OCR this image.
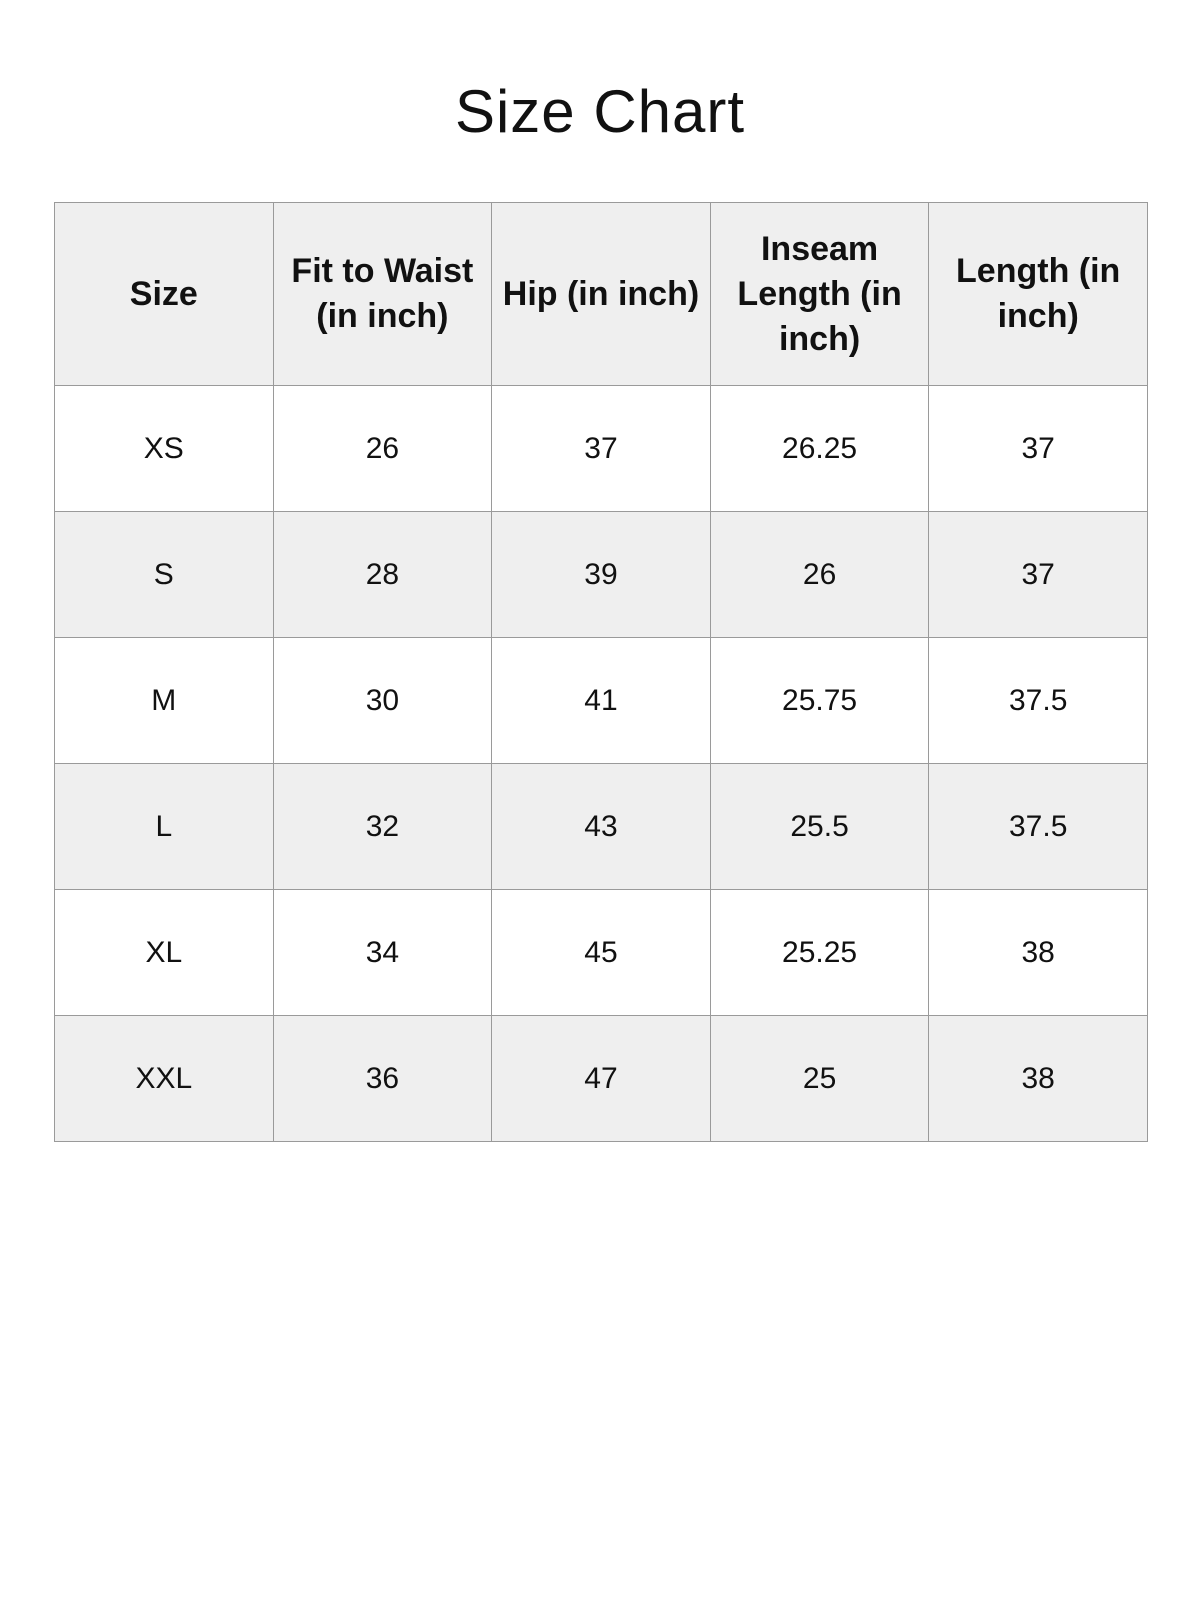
Size Chart
Size	Fit to Waist (in inch)	Hip (in inch)	Inseam Length (in inch)	Length (in inch)
XS	26	37	26.25	37
S	28	39	26	37
M	30	41	25.75	37.5
L	32	43	25.5	37.5
XL	34	45	25.25	38
XXL	36	47	25	38
